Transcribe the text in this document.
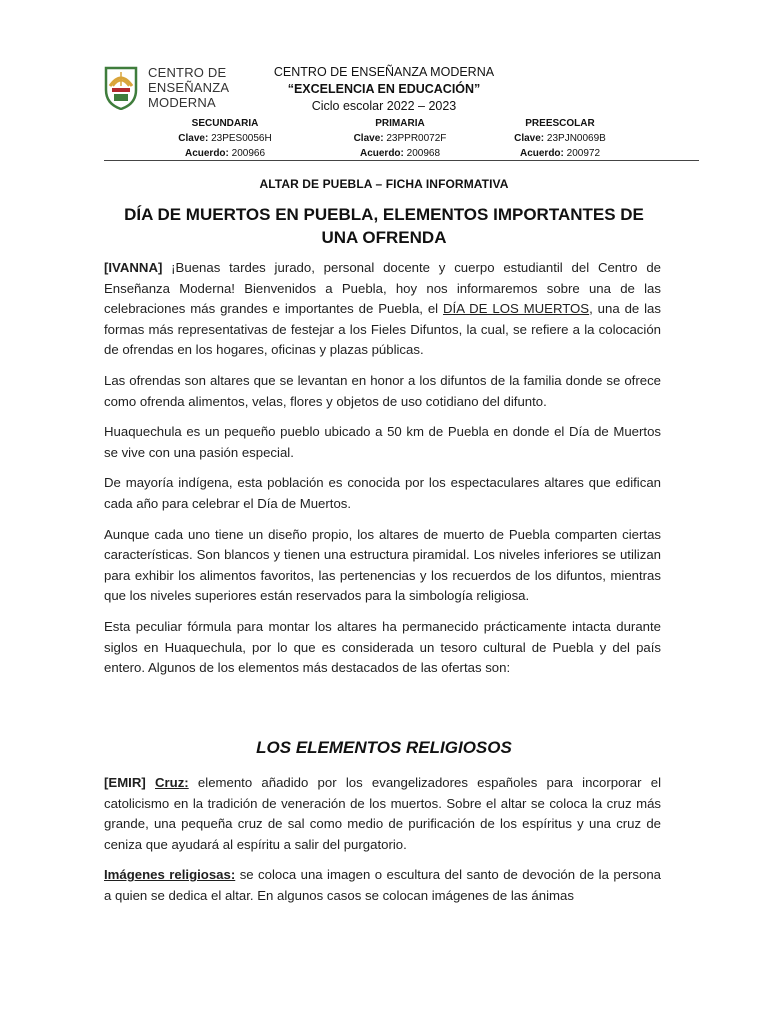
CENTRO DE
ENSEÑANZA
MODERNA
CENTRO DE ENSEÑANZA MODERNA
“EXCELENCIA EN EDUCACIÓN”
Ciclo escolar 2022 – 2023
SECUNDARIA
Clave: 23PES0056H
Acuerdo: 200966
PRIMARIA
Clave: 23PPR0072F
Acuerdo: 200968
PREESCOLAR
Clave: 23PJN0069B
Acuerdo: 200972
ALTAR DE PUEBLA – FICHA INFORMATIVA
DÍA DE MUERTOS EN PUEBLA, ELEMENTOS IMPORTANTES DE UNA OFRENDA

[IVANNA] ¡Buenas tardes jurado, personal docente y cuerpo estudiantil del Centro de Enseñanza Moderna! Bienvenidos a Puebla, hoy nos informaremos sobre una de las celebraciones más grandes e importantes de Puebla, el DÍA DE LOS MUERTOS, una de las formas más representativas de festejar a los Fieles Difuntos, la cual, se refiere a la colocación de ofrendas en los hogares, oficinas y plazas públicas.

Las ofrendas son altares que se levantan en honor a los difuntos de la familia donde se ofrece como ofrenda alimentos, velas, flores y objetos de uso cotidiano del difunto.

Huaquechula es un pequeño pueblo ubicado a 50 km de Puebla en donde el Día de Muertos se vive con una pasión especial.

De mayoría indígena, esta población es conocida por los espectaculares altares que edifican cada año para celebrar el Día de Muertos.

Aunque cada uno tiene un diseño propio, los altares de muerto de Puebla comparten ciertas características. Son blancos y tienen una estructura piramidal. Los niveles inferiores se utilizan para exhibir los alimentos favoritos, las pertenencias y los recuerdos de los difuntos, mientras que los niveles superiores están reservados para la simbología religiosa.

Esta peculiar fórmula para montar los altares ha permanecido prácticamente intacta durante siglos en Huaquechula, por lo que es considerada un tesoro cultural de Puebla y del país entero. Algunos de los elementos más destacados de las ofertas son:

LOS ELEMENTOS RELIGIOSOS

[EMIR] Cruz: elemento añadido por los evangelizadores españoles para incorporar el catolicismo en la tradición de veneración de los muertos. Sobre el altar se coloca la cruz más grande, una pequeña cruz de sal como medio de purificación de los espíritus y una cruz de ceniza que ayudará al espíritu a salir del purgatorio.

Imágenes religiosas: se coloca una imagen o escultura del santo de devoción de la persona a quien se dedica el altar. En algunos casos se colocan imágenes de las ánimas
